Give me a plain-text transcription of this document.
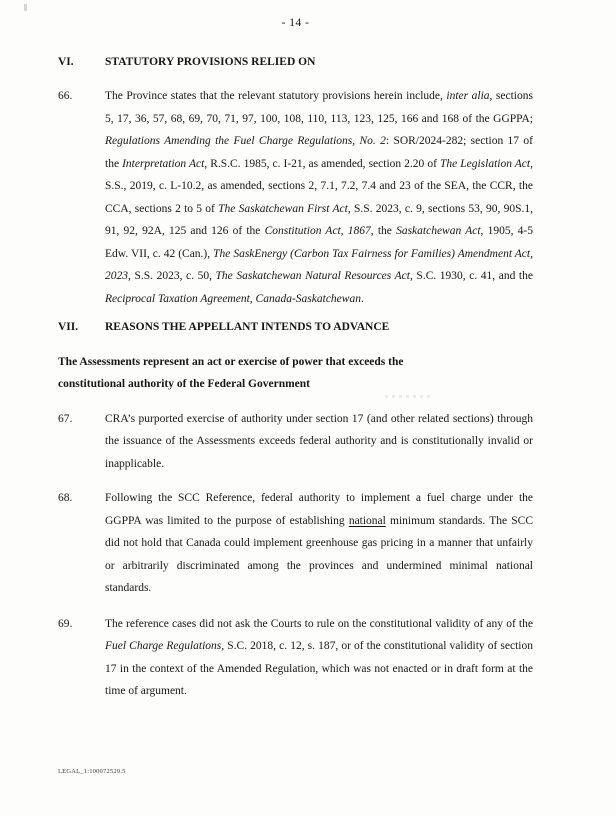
- 14 -
VI.	STATUTORY PROVISIONS RELIED ON
66.	The Province states that the relevant statutory provisions herein include, inter alia, sections 5, 17, 36, 57, 68, 69, 70, 71, 97, 100, 108, 110, 113, 123, 125, 166 and 168 of the GGPPA; Regulations Amending the Fuel Charge Regulations, No. 2: SOR/2024-282; section 17 of the Interpretation Act, R.S.C. 1985, c. I-21, as amended, section 2.20 of The Legislation Act, S.S., 2019, c. L-10.2, as amended, sections 2, 7.1, 7.2, 7.4 and 23 of the SEA, the CCR, the CCA, sections 2 to 5 of The Saskatchewan First Act, S.S. 2023, c. 9, sections 53, 90, 90S.1, 91, 92, 92A, 125 and 126 of the Constitution Act, 1867, the Saskatchewan Act, 1905, 4-5 Edw. VII, c. 42 (Can.), The SaskEnergy (Carbon Tax Fairness for Families) Amendment Act, 2023, S.S. 2023, c. 50, The Saskatchewan Natural Resources Act, S.C. 1930, c. 41, and the Reciprocal Taxation Agreement, Canada-Saskatchewan.
VII. REASONS THE APPELLANT INTENDS TO ADVANCE
The Assessments represent an act or exercise of power that exceeds the
constitutional authority of the Federal Government
67.	CRA’s purported exercise of authority under section 17 (and other related sections) through the issuance of the Assessments exceeds federal authority and is constitutionally invalid or inapplicable.
68.	Following the SCC Reference, federal authority to implement a fuel charge under the GGPPA was limited to the purpose of establishing national minimum standards. The SCC did not hold that Canada could implement greenhouse gas pricing in a manner that unfairly or arbitrarily discriminated among the provinces and undermined minimal national standards.
69.	The reference cases did not ask the Courts to rule on the constitutional validity of any of the Fuel Charge Regulations, S.C. 2018, c. 12, s. 187, or of the constitutional validity of section 17 in the context of the Amended Regulation, which was not enacted or in draft form at the time of argument.
LEGAL_1:100072529.5
